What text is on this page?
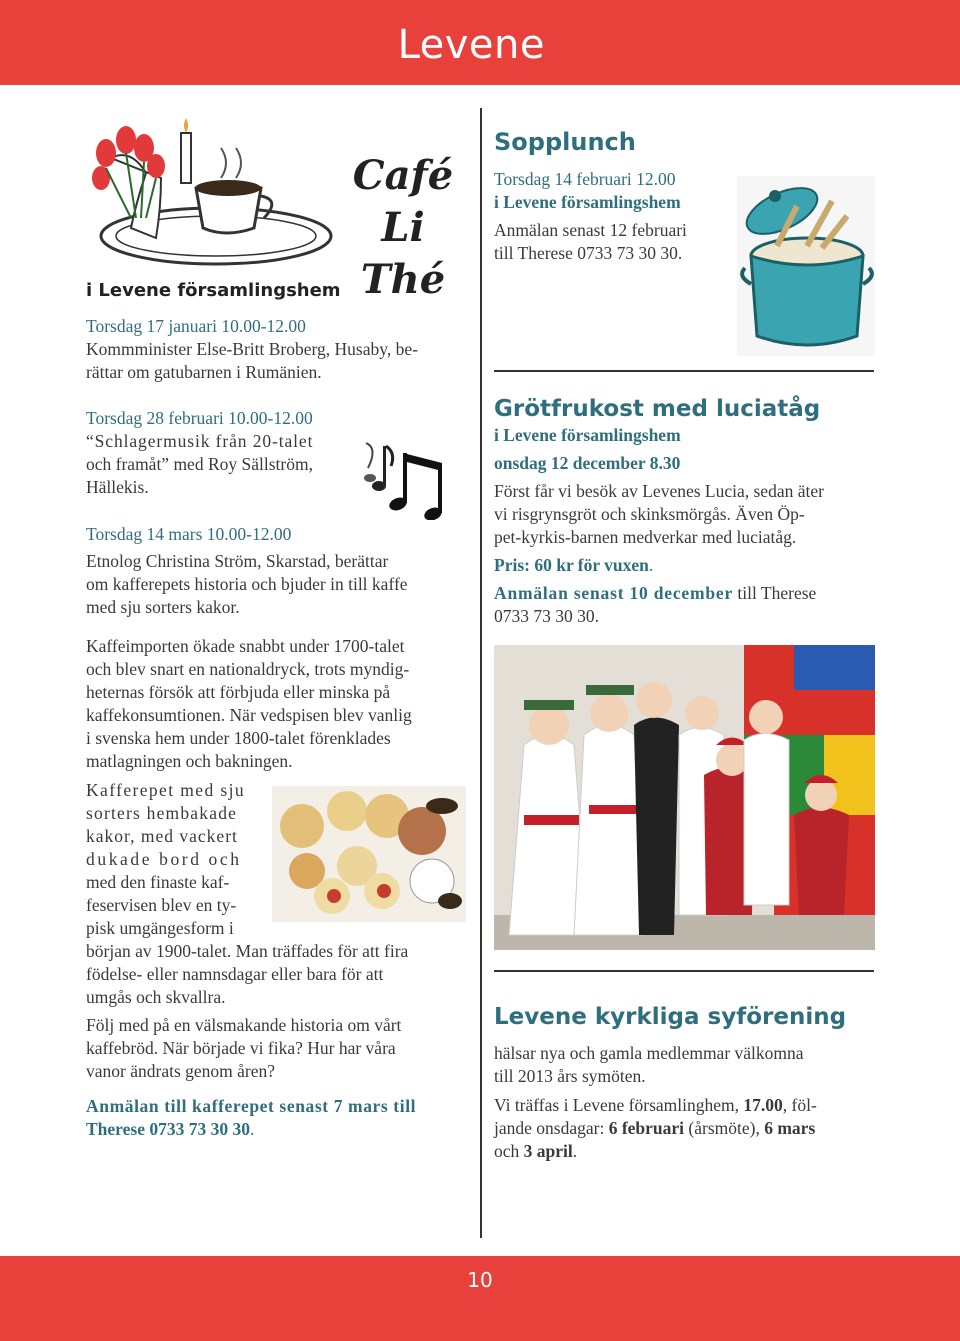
Levene
Café
Li Thé
i Levene församlingshem

Torsdag 17 januari 10.00-12.00

Kommminister Else-Britt Broberg, Husaby, be-

rättar om gatubarnen i Rumänien.

Torsdag 28 februari 10.00-12.00

“Schlagermusik från 20-talet

och framåt” med Roy Sällström,

Hällekis.

Torsdag 14 mars 10.00-12.00

Etnolog Christina Ström, Skarstad, berättar

om kafferepets historia och bjuder in till kaffe

med sju sorters kakor.

Kaffeimporten ökade snabbt under 1700-talet

och blev snart en nationaldryck, trots myndig-

heternas försök att förbjuda eller minska på

kaffekonsumtionen. När vedspisen blev vanlig

i svenska hem under 1800-talet förenklades

matlagningen och bakningen.

Kafferepet med sju

sorters hembakade

kakor, med vackert

dukade bord och

med den finaste kaf-

feservisen blev en ty-

pisk umgängesform i

början av 1900-talet. Man träffades för att fira

födelse- eller namnsdagar eller bara för att

umgås och skvallra.

Följ med på en välsmakande historia om vårt

kaffebröd. När började vi fika? Hur har våra

vanor ändrats genom åren?

Anmälan till kafferepet senast 7 mars till

Therese 0733 73 30 30.

Sopplunch

Torsdag 14 februari 12.00

i Levene församlingshem

Anmälan senast 12 februari

till Therese 0733 73 30 30.

Grötfrukost med luciatåg

i Levene församlingshem

onsdag 12 december 8.30

Först får vi besök av Levenes Lucia, sedan äter

vi risgrynsgröt och skinksmörgås. Även Öp-

pet-kyrkis-barnen medverkar med luciatåg.

Pris: 60 kr för vuxen.

Anmälan senast 10 december till Therese

0733 73 30 30.

Levene kyrkliga syförening

hälsar nya och gamla medlemmar välkomna

till 2013 års symöten.

Vi träffas i Levene församlinghem, 17.00, föl-

jande onsdagar: 6 februari (årsmöte), 6 mars

och 3 april.

10
